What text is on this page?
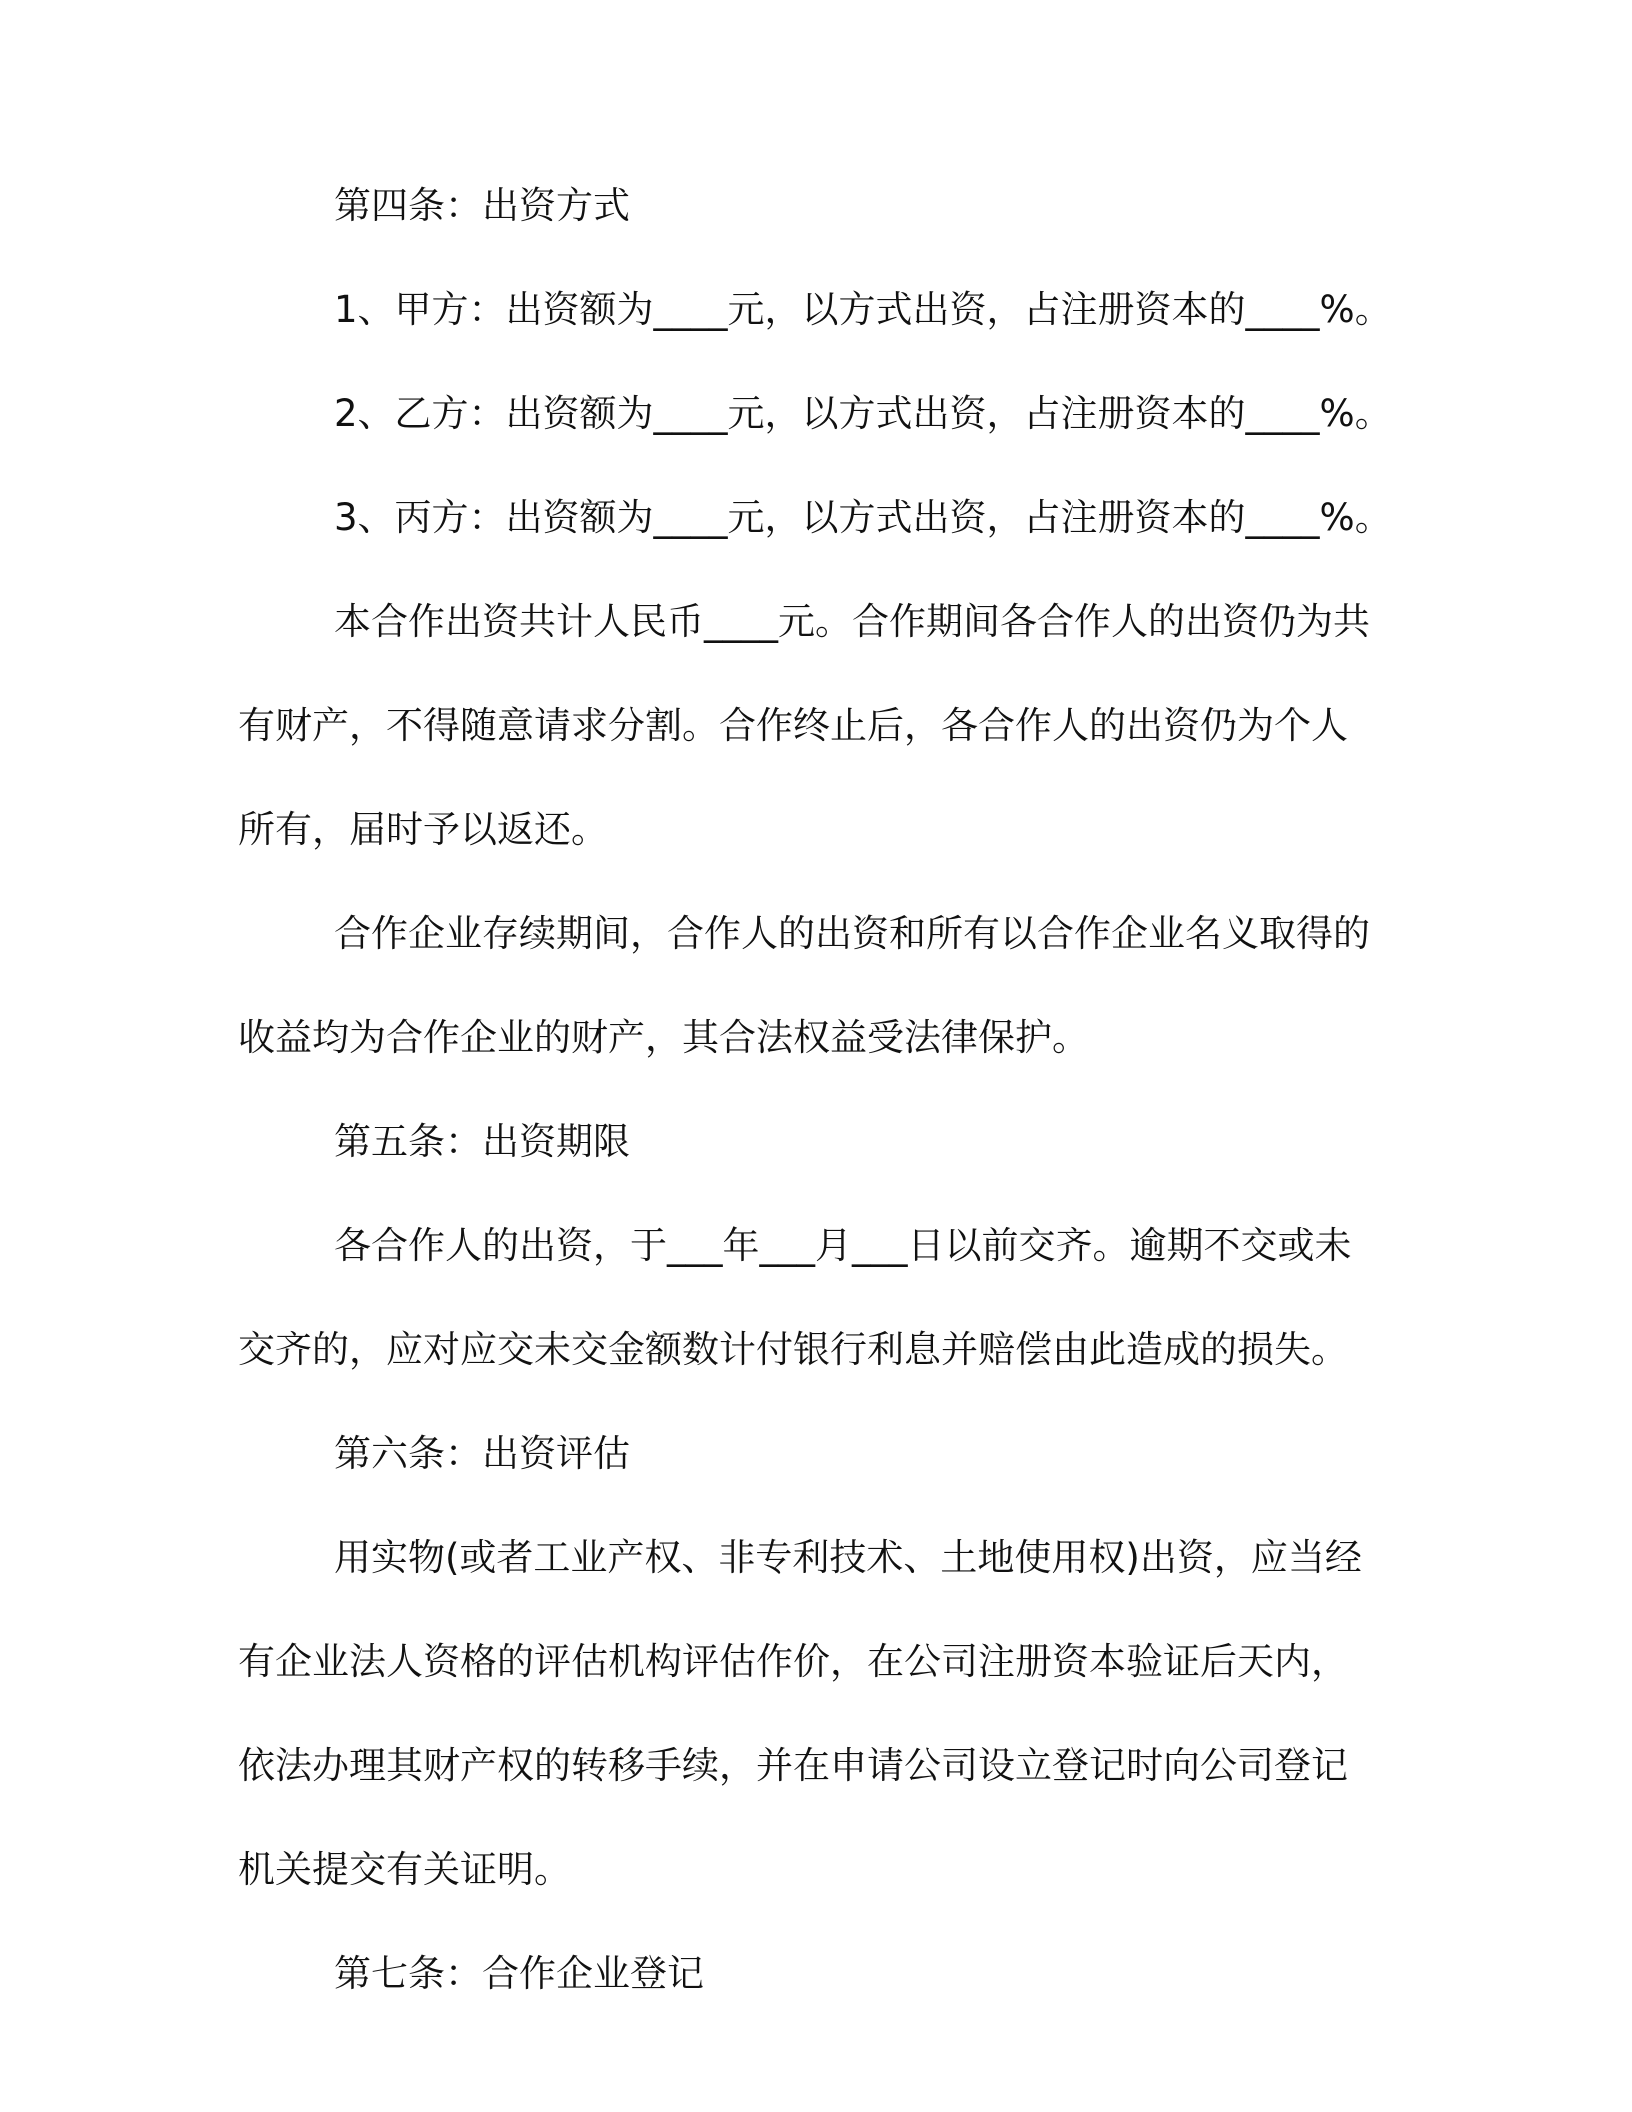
第四条：出资方式

1、甲方：出资额为____元，以方式出资，占注册资本的____%。

2、乙方：出资额为____元，以方式出资，占注册资本的____%。

3、丙方：出资额为____元，以方式出资，占注册资本的____%。

本合作出资共计人民币____元。合作期间各合作人的出资仍为共
有财产，不得随意请求分割。合作终止后，各合作人的出资仍为个人
所有，届时予以返还。
合作企业存续期间，合作人的出资和所有以合作企业名义取得的
收益均为合作企业的财产，其合法权益受法律保护。

第五条：出资期限

各合作人的出资，于___年___月___日以前交齐。逾期不交或未
交齐的，应对应交未交金额数计付银行利息并赔偿由此造成的损失。

第六条：出资评估

用实物(或者工业产权、非专利技术、土地使用权)出资，应当经
有企业法人资格的评估机构评估作价，在公司注册资本验证后天内，
依法办理其财产权的转移手续，并在申请公司设立登记时向公司登记
机关提交有关证明。

第七条：合作企业登记
